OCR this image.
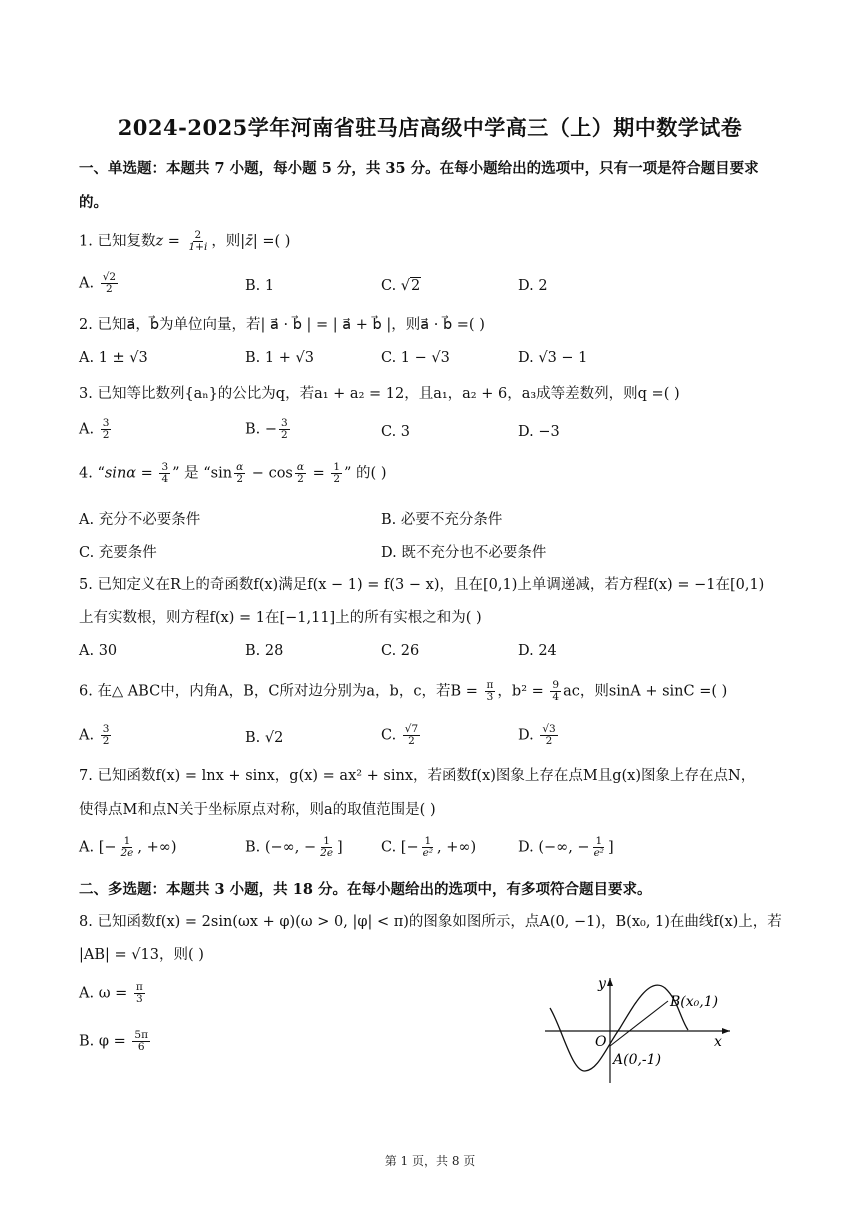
2024-2025学年河南省驻马店高级中学高三（上）期中数学试卷
一、单选题：本题共 7 小题，每小题 5 分，共 35 分。在每小题给出的选项中，只有一项是符合题目要求
的。
1. 已知复数$z = \frac{2}{1+i}$ ，则|z̄| =( )
A. $\frac{√2}{2}$	B. 1	C. √2	D. 2
2. 已知a⃗，b⃗为单位向量，若| a⃗ · b⃗ | = | a⃗ + b⃗ |，则a⃗ · b⃗ =( )
A. 1 ± √3	B. 1 + √3	C. 1 − √3	D. √3 − 1
3. 已知等比数列{aₙ}的公比为q，若a₁ + a₂ = 12，且a₁，a₂ + 6，a₃成等差数列，则q =( )
A. $\frac{3}{2}$	B. − $\frac{3}{2}$	C. 3	D. −3
4. “$\sin\alpha = \frac{3}{4}$ ” 是 “$\sin \frac{\alpha}{2} - \cos \frac{\alpha}{2} = \frac{1}{2}$ ” 的( )
A. 充分不必要条件	B. 必要不充分条件
C. 充要条件	D. 既不充分也不必要条件
5. 已知定义在R上的奇函数f(x)满足f(x − 1) = f(3 − x)，且在[0,1)上单调递减，若方程f(x) = −1在[0,1)
上有实数根，则方程f(x) = 1在[−1,11]上的所有实根之和为( )
A. 30	B. 28	C. 26	D. 24
6. 在△ ABC中，内角A，B，C所对边分别为a，b，c，若$B = \frac{\pi}{3}$ ，$b^2 = \frac{9}{4}$ ac，则sinA + sinC =( )
A. $\frac{3}{2}$	B. √2	C. $\frac{√7}{2}$	D. $\frac{√3}{2}$
7. 已知函数f(x) = lnx + sinx，g(x) = ax² + sinx，若函数f(x)图象上存在点M且g(x)图象上存在点N，
使得点M和点N关于坐标原点对称，则a的取值范围是( )
A. [− $\frac{1}{2e}$ , +∞)	B. (−∞, − $\frac{1}{2e}$ ]	C. [− $\frac{1}{\text{e²}}$ , +∞)	D. (−∞, − $\frac{1}{\text{e²}}$ ]
二、多选题：本题共 3 小题，共 18 分。在每小题给出的选项中，有多项符合题目要求。
8. 已知函数f(x) = 2sin(ωx + φ)(ω > 0, |φ| < π)的图象如图所示，点A(0, −1)，B(x₀, 1)在曲线f(x)上，若
|AB| = √13，则( )
A. $\omega = \frac{\pi}{3}$
B. $\varphi = \frac{5\pi}{6}$
y
x
O
B(x₀,1)
A(0,-1)
第 1 页，共 8 页
